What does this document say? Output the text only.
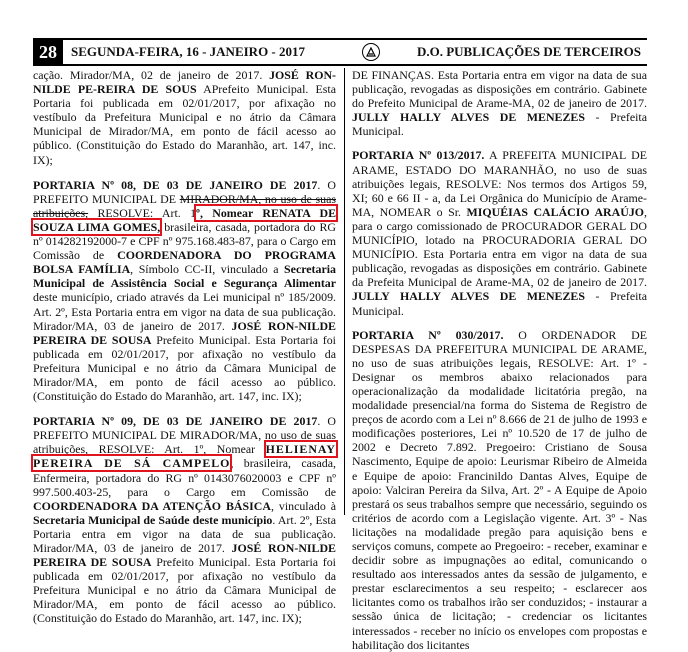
28	SEGUNDA-FEIRA, 16 - JANEIRO - 2017	D.O. PUBLICAÇÕES DE TERCEIROS

cação. Mirador/MA, 02 de janeiro de 2017. JOSÉ RON-NILDE PE-REIRA DE SOUS APrefeito Municipal. Esta Portaria foi publicada em 02/01/2017, por afixação no vestíbulo da Prefeitura Municipal e no átrio da Câmara Municipal de Mirador/MA, em ponto de fácil acesso ao público. (Constituição do Estado do Maranhão, art. 147, inc. IX);

PORTARIA Nº 08, DE 03 DE JANEIRO DE 2017. O PREFEITO MUNICIPAL DE MIRADOR/MA, no uso de suas atribuições, RESOLVE: Art. 1º, Nomear RENATA DE SOUZA LIMA GOMES, brasileira, casada, portadora do RG nº 014282192000-7 e CPF nº 975.168.483-87, para o Cargo em Comissão de COORDENADORA DO PROGRAMA BOLSA FAMÍLIA, Símbolo CC-II, vinculado a Secretaria Municipal de Assistência Social e Segurança Alimentar deste município, criado através da Lei municipal nº 185/2009. Art. 2º, Esta Portaria entra em vigor na data de sua publicação. Mirador/MA, 03 de janeiro de 2017. JOSÉ RON-NILDE PEREIRA DE SOUSA Prefeito Municipal. Esta Portaria foi publicada em 02/01/2017, por afixação no vestíbulo da Prefeitura Municipal e no átrio da Câmara Municipal de Mirador/MA, em ponto de fácil acesso ao público. (Constituição do Estado do Maranhão, art. 147, inc. IX);

PORTARIA Nº 09, DE 03 DE JANEIRO DE 2017. O PREFEITO MUNICIPAL DE MIRADOR/MA, no uso de suas atribuições, RESOLVE: Art. 1º, Nomear HELIENAY PEREIRA DE SÁ CAMPELO, brasileira, casada, Enfermeira, portadora do RG nº 0143076020003 e CPF nº 997.500.403-25, para o Cargo em Comissão de COORDENADORA DA ATENÇÃO BÁSICA, vinculado à Secretaria Municipal de Saúde deste município. Art. 2º, Esta Portaria entra em vigor na data de sua publicação. Mirador/MA, 03 de janeiro de 2017. JOSÉ RON-NILDE PEREIRA DE SOUSA Prefeito Municipal. Esta Portaria foi publicada em 02/01/2017, por afixação no vestíbulo da Prefeitura Municipal e no átrio da Câmara Municipal de Mirador/MA, em ponto de fácil acesso ao público. (Constituição do Estado do Maranhão, art. 147, inc. IX);

DE FINANÇAS. Esta Portaria entra em vigor na data de sua publicação, revogadas as disposições em contrário. Gabinete do Prefeito Municipal de Arame-MA, 02 de janeiro de 2017. JULLY HALLY ALVES DE MENEZES - Prefeita Municipal.

PORTARIA Nº 013/2017. A PREFEITA MUNICIPAL DE ARAME, ESTADO DO MARANHÃO, no uso de suas atribuições legais, RESOLVE: Nos termos dos Artigos 59, XI; 60 e 66 II - a, da Lei Orgânica do Município de Arame-MA, NOMEAR o Sr. MIQUÉIAS CALÁCIO ARAÚJO, para o cargo comissionado de PROCURADOR GERAL DO MUNICÍPIO, lotado na PROCURADORIA GERAL DO MUNICÍPIO. Esta Portaria entra em vigor na data de sua publicação, revogadas as disposições em contrário. Gabinete da Prefeita Municipal de Arame-MA, 02 de janeiro de 2017. JULLY HALLY ALVES DE MENEZES - Prefeita Municipal.

PORTARIA Nº 030/2017. O ORDENADOR DE DESPESAS DA PREFEITURA MUNICIPAL DE ARAME, no uso de suas atribuições legais, RESOLVE: Art. 1º - Designar os membros abaixo relacionados para operacionalização da modalidade licitatória pregão, na modalidade presencial/na forma do Sistema de Registro de preços de acordo com a Lei nº 8.666 de 21 de julho de 1993 e modificações posteriores, Lei nº 10.520 de 17 de julho de 2002 e Decreto 7.892. Pregoeiro: Cristiano de Sousa Nascimento, Equipe de apoio: Leurismar Ribeiro de Almeida e Equipe de apoio: Francinildo Dantas Alves, Equipe de apoio: Valciran Pereira da Silva, Art. 2º - A Equipe de Apoio prestará os seus trabalhos sempre que necessário, seguindo os critérios de acordo com a Legislação vigente. Art. 3º - Nas licitações na modalidade pregão para aquisição bens e serviços comuns, compete ao Pregoeiro: - receber, examinar e decidir sobre as impugnações ao edital, comunicando o resultado aos interessados antes da sessão de julgamento, e prestar esclarecimentos a seu respeito; - esclarecer aos licitantes como os trabalhos irão ser conduzidos; - instaurar a sessão única de licitação; - credenciar os licitantes interessados - receber no início os envelopes com propostas e habilitação dos licitantes
